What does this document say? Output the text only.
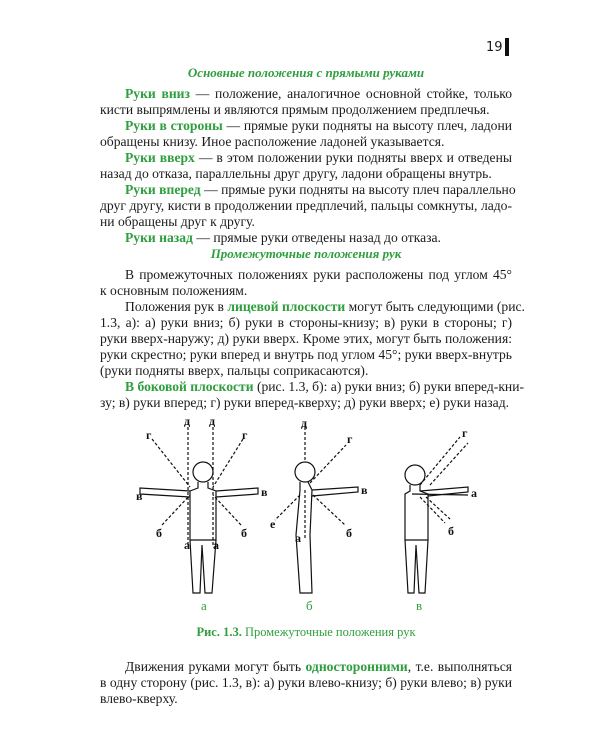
19
Основные положения с прямыми руками
Руки вниз — положение, аналогичное основной стойке, только
кисти выпрямлены и являются прямым продолжением предплечья.
Руки в стороны — прямые руки подняты на высоту плеч, ладони
обращены книзу. Иное расположение ладоней указывается.
Руки вверх — в этом положении руки подняты вверх и отведены
назад до отказа, параллельны друг другу, ладони обращены внутрь.
Руки вперед — прямые руки подняты на высоту плеч параллельно
друг другу, кисти в продолжении предплечий, пальцы сомкнуты, ладо-
ни обращены друг к другу.
Руки назад — прямые руки отведены назад до отказа.
Промежуточные положения рук
В промежуточных положениях руки расположены под углом 45°
к основным положениям.
Положения рук в лицевой плоскости могут быть следующими (рис.
1.3, а): а) руки вниз; б) руки в стороны-книзу; в) руки в стороны; г)
руки вверх-наружу; д) руки вверх. Кроме этих, могут быть положения:
руки скрестно; руки вперед и внутрь под углом 45°; руки вверх-внутрь
(руки подняты вверх, пальцы соприкасаются).
В боковой плоскости (рис. 1.3, б): а) руки вниз; б) руки вперед-кни-
зу; в) руки вперед; г) руки вперед-кверху; д) руки вверх; е) руки назад.
д д
г	г
в	в
б	б
а а
д
г
в
б
е
а
г
а
б
а	б	в
Рис. 1.3. Промежуточные положения рук
Движения руками могут быть односторонними, т.е. выполняться
в одну сторону (рис. 1.3, в): а) руки влево-книзу; б) руки влево; в) руки
влево-кверху.
